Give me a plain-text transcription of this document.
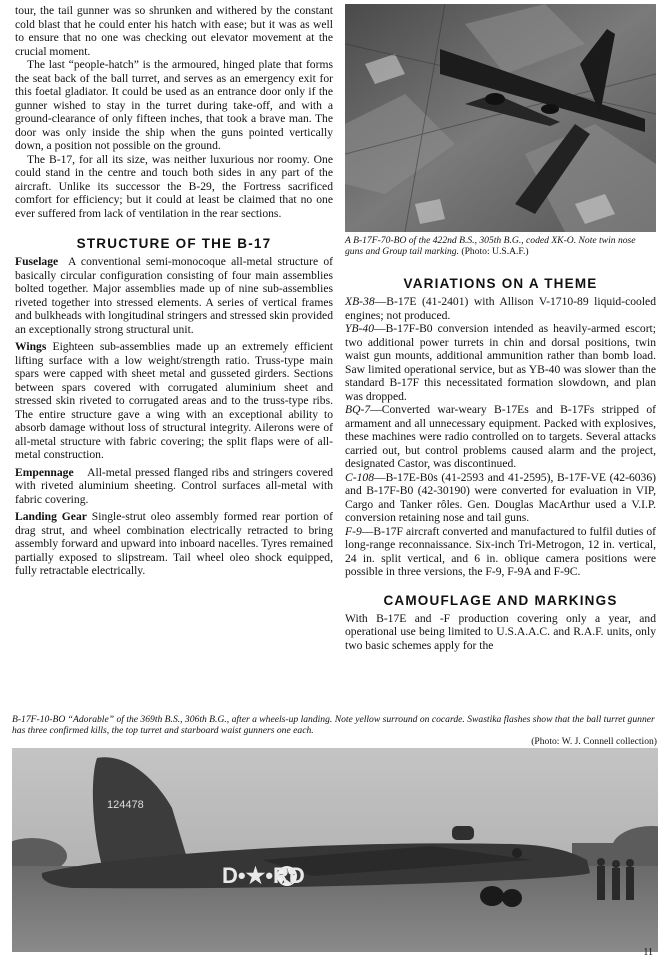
tour, the tail gunner was so shrunken and withered by the constant cold blast that he could enter his hatch with ease; but it was as well to ensure that no one was checking out elevator movement at the crucial moment.

The last “people-hatch” is the armoured, hinged plate that forms the seat back of the ball turret, and serves as an emergency exit for this foetal gladiator. It could be used as an entrance door only if the gunner wished to stay in the turret during take-off, and with a ground-clearance of only fifteen inches, that took a brave man. The door was only inside the ship when the guns pointed vertically down, a position not possible on the ground.

The B-17, for all its size, was neither luxurious nor roomy. One could stand in the centre and touch both sides in any part of the aircraft. Unlike its successor the B-29, the Fortress sacrificed comfort for efficiency; but it could at least be claimed that no one ever suffered from lack of ventilation in the rear sections.

STRUCTURE OF THE B-17

Fuselage A conventional semi-monocoque all-metal structure of basically circular configuration consisting of four main assemblies bolted together. Major assemblies made up of nine sub-assemblies riveted together into stressed elements. A series of vertical frames and bulkheads with longitudinal stringers and stressed skin provided an exceptionally strong structural unit.

Wings Eighteen sub-assemblies made up an extremely efficient lifting surface with a low weight/strength ratio. Truss-type main spars were capped with sheet metal and gusseted girders. Sections between spars covered with corrugated aluminium sheet and stressed skin riveted to corrugated areas and to the truss-type ribs. The entire structure gave a wing with an exceptional ability to absorb damage without loss of structural integrity. Ailerons were of all-metal structure with fabric covering; the split flaps were of all-metal construction.

Empennage All-metal pressed flanged ribs and stringers covered with riveted aluminium sheeting. Control surfaces all-metal with fabric covering.

Landing Gear Single-strut oleo assembly formed rear portion of drag strut, and wheel combination electrically retracted to bring assembly forward and upward into inboard nacelles. Tyres remained partially exposed to slipstream. Tail wheel oleo shock equipped, fully retractable electrically.

A B-17F-70-BO of the 422nd B.S., 305th B.G., coded XK-O. Note twin nose guns and Group tail marking. (Photo: U.S.A.F.)
VARIATIONS ON A THEME

XB-38—B-17E (41-2401) with Allison V-1710-89 liquid-cooled engines; not produced.

YB-40—B-17F-B0 conversion intended as heavily-armed escort; two additional power turrets in chin and dorsal positions, twin waist gun mounts, additional ammunition rather than bomb load. Saw limited operational service, but as YB-40 was slower than the standard B-17F this necessitated formation slowdown, and plan was dropped.

BQ-7—Converted war-weary B-17Es and B-17Fs stripped of armament and all unnecessary equipment. Packed with explosives, these machines were radio controlled on to targets. Several attacks carried out, but control problems caused alarm and the project, designated Castor, was discontinued.

C-108—B-17E-B0s (41-2593 and 41-2595), B-17F-VE (42-6036) and B-17F-B0 (42-30190) were converted for evaluation in VIP, Cargo and Tanker rôles. Gen. Douglas MacArthur used a V.I.P. conversion retaining nose and tail guns.

F-9—B-17F aircraft converted and manufactured to fulfil duties of long-range reconnaissance. Six-inch Tri-Metrogon, 12 in. vertical, 24 in. split vertical, and 6 in. oblique camera positions were possible in three versions, the F-9, F-9A and F-9C.

CAMOUFLAGE AND MARKINGS

With B-17E and -F production covering only a year, and operational use being limited to U.S.A.A.C. and R.A.F. units, only two basic schemes apply for the

B-17F-10-BO “Adorable” of the 369th B.S., 306th B.G., after a wheels-up landing. Note yellow surround on cocarde. Swastika flashes show that the ball turret gunner has three confirmed kills, the top turret and starboard waist gunners one each.
(Photo: W. J. Connell collection)
124478
D•★•RD
11
